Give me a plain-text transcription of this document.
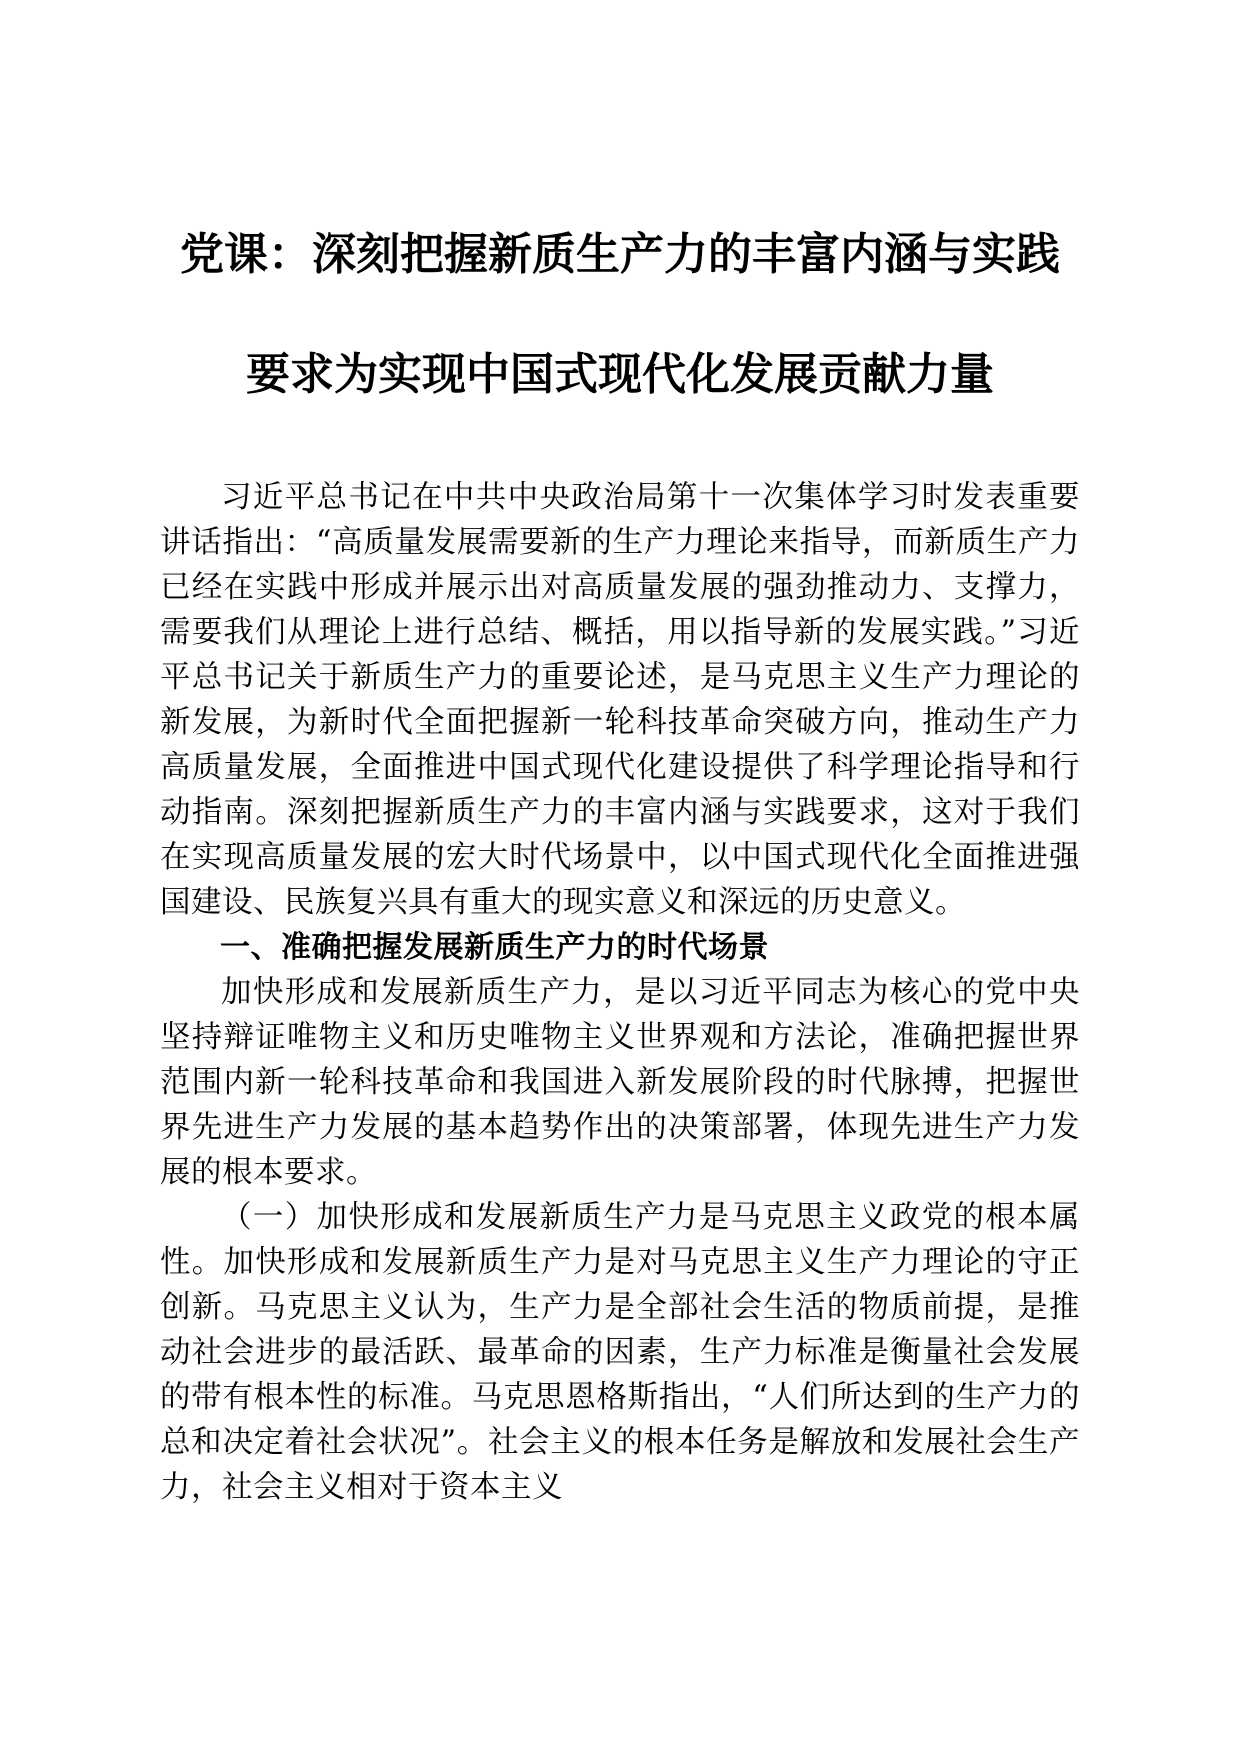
党课：深刻把握新质生产力的丰富内涵与实践
要求为实现中国式现代化发展贡献力量

习近平总书记在中共中央政治局第十一次集体学习时发表重要讲话指出：“高质量发展需要新的生产力理论来指导，而新质生产力已经在实践中形成并展示出对高质量发展的强劲推动力、支撑力，需要我们从理论上进行总结、概括，用以指导新的发展实践。”习近平总书记关于新质生产力的重要论述，是马克思主义生产力理论的新发展，为新时代全面把握新一轮科技革命突破方向，推动生产力高质量发展，全面推进中国式现代化建设提供了科学理论指导和行动指南。深刻把握新质生产力的丰富内涵与实践要求，这对于我们在实现高质量发展的宏大时代场景中，以中国式现代化全面推进强国建设、民族复兴具有重大的现实意义和深远的历史意义。

一、准确把握发展新质生产力的时代场景

加快形成和发展新质生产力，是以习近平同志为核心的党中央坚持辩证唯物主义和历史唯物主义世界观和方法论，准确把握世界范围内新一轮科技革命和我国进入新发展阶段的时代脉搏，把握世界先进生产力发展的基本趋势作出的决策部署，体现先进生产力发展的根本要求。

（一）加快形成和发展新质生产力是马克思主义政党的根本属性。加快形成和发展新质生产力是对马克思主义生产力理论的守正创新。马克思主义认为，生产力是全部社会生活的物质前提，是推动社会进步的最活跃、最革命的因素，生产力标准是衡量社会发展的带有根本性的标准。马克思恩格斯指出，“人们所达到的生产力的总和决定着社会状况”。社会主义的根本任务是解放和发展社会生产力，社会主义相对于资本主义
